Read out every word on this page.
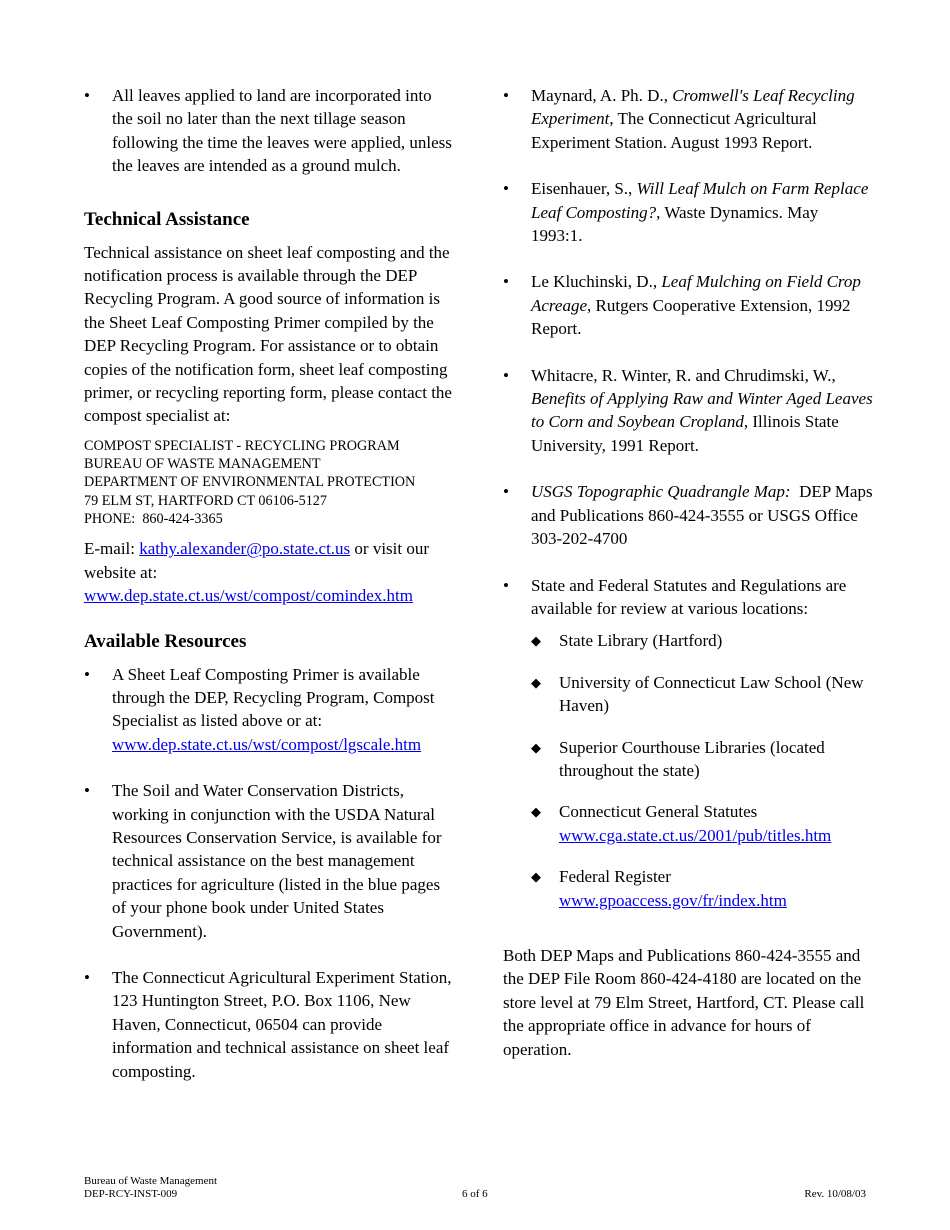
• All leaves applied to land are incorporated into the soil no later than the next tillage season following the time the leaves were applied, unless the leaves are intended as a ground mulch.
Technical Assistance

Technical assistance on sheet leaf composting and the notification process is available through the DEP Recycling Program. A good source of information is the Sheet Leaf Composting Primer compiled by the DEP Recycling Program. For assistance or to obtain copies of the notification form, sheet leaf composting primer, or recycling reporting form, please contact the compost specialist at:

COMPOST SPECIALIST - RECYCLING PROGRAM
BUREAU OF WASTE MANAGEMENT
DEPARTMENT OF ENVIRONMENTAL PROTECTION
79 ELM ST, HARTFORD CT 06106-5127
PHONE:  860-424-3365

E-mail: kathy.alexander@po.state.ct.us or visit our website at:
www.dep.state.ct.us/wst/compost/comindex.htm

Available Resources
• A Sheet Leaf Composting Primer is available through the DEP, Recycling Program, Compost Specialist as listed above or at:
www.dep.state.ct.us/wst/compost/lgscale.htm
• The Soil and Water Conservation Districts, working in conjunction with the USDA Natural Resources Conservation Service, is available for technical assistance on the best management practices for agriculture (listed in the blue pages of your phone book under United States Government).
• The Connecticut Agricultural Experiment Station, 123 Huntington Street, P.O. Box 1106, New Haven, Connecticut, 06504 can provide information and technical assistance on sheet leaf composting.
• Maynard, A. Ph. D., Cromwell's Leaf Recycling Experiment, The Connecticut Agricultural Experiment Station. August 1993 Report.
• Eisenhauer, S., Will Leaf Mulch on Farm Replace Leaf Composting?, Waste Dynamics. May 1993:1.
• Le Kluchinski, D., Leaf Mulching on Field Crop Acreage, Rutgers Cooperative Extension, 1992 Report.
• Whitacre, R. Winter, R. and Chrudimski, W., Benefits of Applying Raw and Winter Aged Leaves to Corn and Soybean Cropland, Illinois State University, 1991 Report.
• USGS Topographic Quadrangle Map:  DEP Maps and Publications 860-424-3555 or USGS Office 303-202-4700
• State and Federal Statutes and Regulations are available for review at various locations:
◆ State Library (Hartford)
◆ University of Connecticut Law School (New Haven)
◆ Superior Courthouse Libraries (located throughout the state)
◆ Connecticut General Statutes
www.cga.state.ct.us/2001/pub/titles.htm
◆ Federal Register
www.gpoaccess.gov/fr/index.htm

Both DEP Maps and Publications 860-424-3555 and the DEP File Room 860-424-4180 are located on the store level at 79 Elm Street, Hartford, CT. Please call the appropriate office in advance for hours of operation.

Bureau of Waste Management
DEP-RCY-INST-009	6 of 6	Rev. 10/08/03
